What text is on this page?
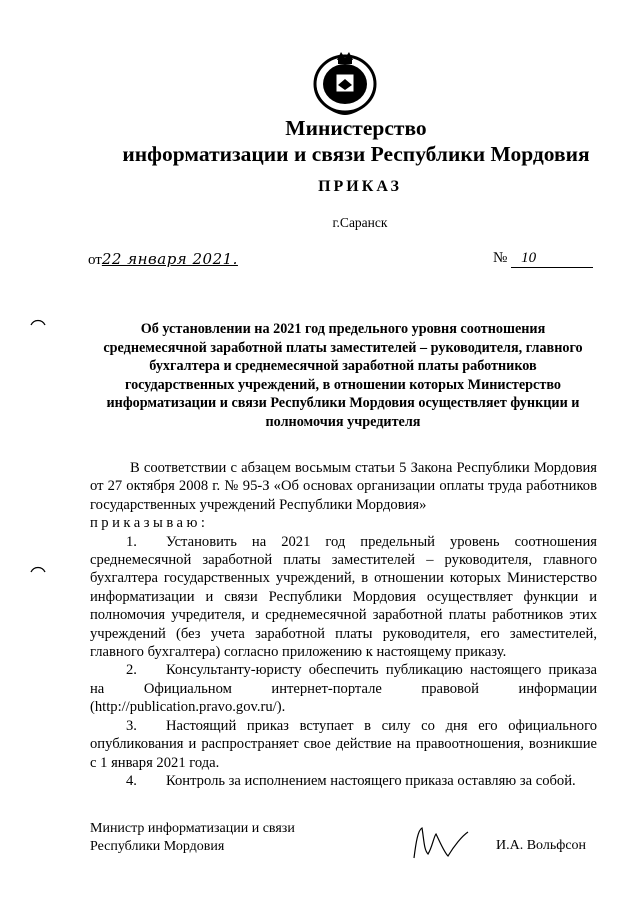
Министерство
информатизации и связи Республики Мордовия
ПРИКАЗ
г.Саранск
от22 января 2021.	№ 10
Об установлении на 2021 год предельного уровня соотношения среднемесячной заработной платы заместителей – руководителя, главного бухгалтера и среднемесячной заработной платы работников государственных учреждений, в отношении которых Министерство информатизации и связи Республики Мордовия осуществляет функции и полномочия учредителя

В соответствии с абзацем восьмым статьи 5 Закона Республики Мордовия от 27 октября 2008 г. № 95-З «Об основах организации оплаты труда работников государственных учреждений Республики Мордовия»

приказываю:

1. Установить на 2021 год предельный уровень соотношения среднемесячной заработной платы заместителей – руководителя, главного бухгалтера государственных учреждений, в отношении которых Министерство информатизации и связи Республики Мордовия осуществляет функции и полномочия учредителя, и среднемесячной заработной платы работников этих учреждений (без учета заработной платы руководителя, его заместителей, главного бухгалтера) согласно приложению к настоящему приказу.

2. Консультанту-юристу обеспечить публикацию настоящего приказа на Официальном интернет-портале правовой информации (http://publication.pravo.gov.ru/).

3. Настоящий приказ вступает в силу со дня его официального опубликования и распространяет свое действие на правоотношения, возникшие с 1 января 2021 года.

4. Контроль за исполнением настоящего приказа оставляю за собой.

Министр информатизации и связи
Республики Мордовия	И.А. Вольфсон
